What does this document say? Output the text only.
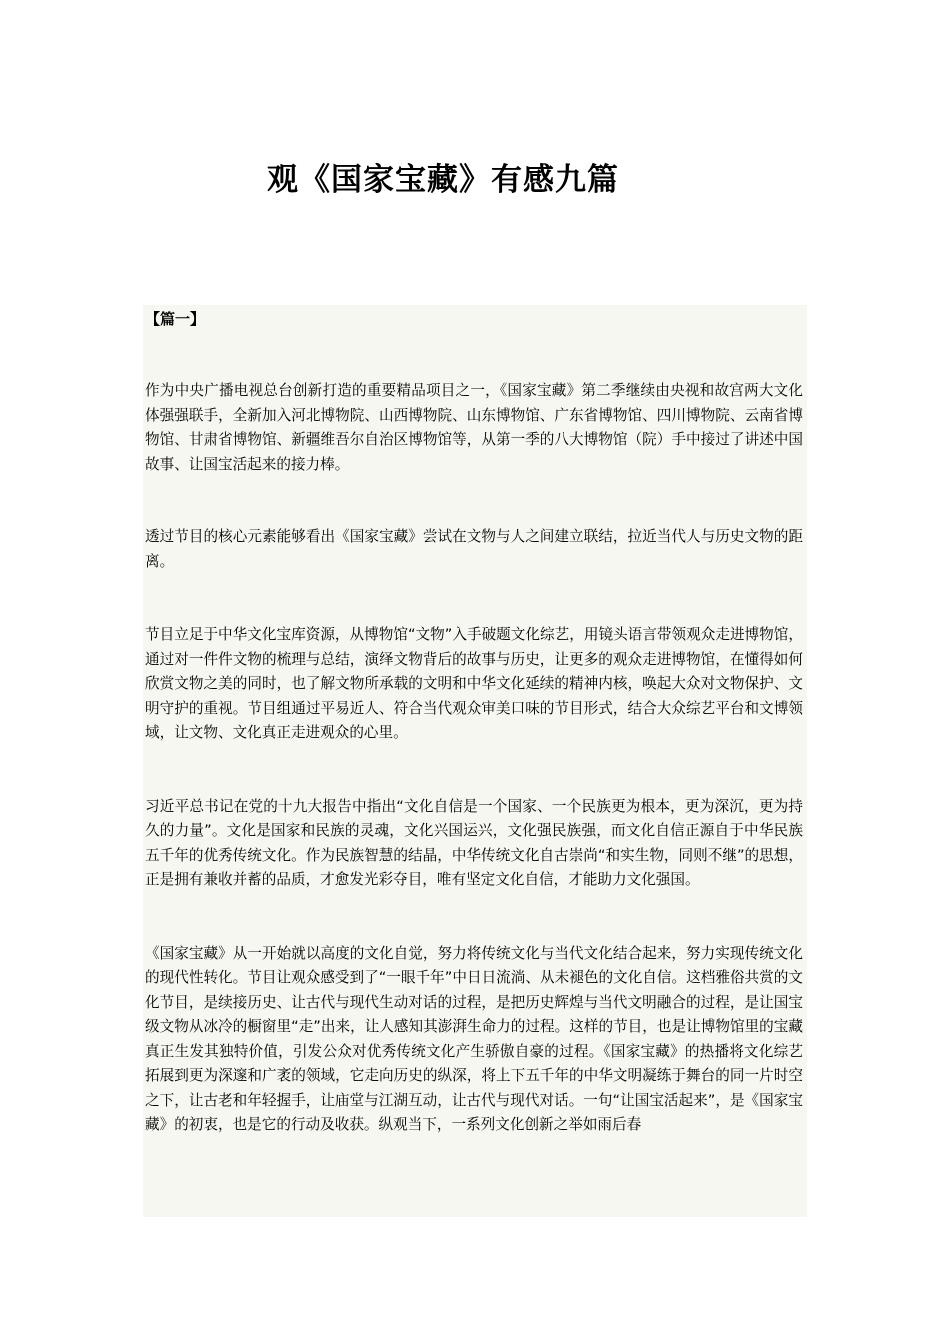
观《国家宝藏》有感九篇
【篇一】

作为中央广播电视总台创新打造的重要精品项目之一，《国家宝藏》第二季继续由央视和故宫两大文化体强强联手，全新加入河北博物院、山西博物院、山东博物馆、广东省博物馆、四川博物院、云南省博物馆、甘肃省博物馆、新疆维吾尔自治区博物馆等，从第一季的八大博物馆（院）手中接过了讲述中国故事、让国宝活起来的接力棒。

透过节目的核心元素能够看出《国家宝藏》尝试在文物与人之间建立联结，拉近当代人与历史文物的距离。

节目立足于中华文化宝库资源，从博物馆“文物”入手破题文化综艺，用镜头语言带领观众走进博物馆，通过对一件件文物的梳理与总结，演绎文物背后的故事与历史，让更多的观众走进博物馆，在懂得如何欣赏文物之美的同时，也了解文物所承载的文明和中华文化延续的精神内核，唤起大众对文物保护、文明守护的重视。节目组通过平易近人、符合当代观众审美口味的节目形式，结合大众综艺平台和文博领域，让文物、文化真正走进观众的心里。

习近平总书记在党的十九大报告中指出“文化自信是一个国家、一个民族更为根本，更为深沉，更为持久的力量”。文化是国家和民族的灵魂，文化兴国运兴，文化强民族强，而文化自信正源自于中华民族五千年的优秀传统文化。作为民族智慧的结晶，中华传统文化自古崇尚“和实生物，同则不继”的思想，正是拥有兼收并蓄的品质，才愈发光彩夺目，唯有坚定文化自信，才能助力文化强国。

《国家宝藏》从一开始就以高度的文化自觉，努力将传统文化与当代文化结合起来，努力实现传统文化的现代性转化。节目让观众感受到了“一眼千年”中日日流淌、从未褪色的文化自信。这档雅俗共赏的文化节目，是续接历史、让古代与现代生动对话的过程，是把历史辉煌与当代文明融合的过程，是让国宝级文物从冰冷的橱窗里“走”出来，让人感知其澎湃生命力的过程。这样的节目，也是让博物馆里的宝藏真正生发其独特价值，引发公众对优秀传统文化产生骄傲自豪的过程。《国家宝藏》的热播将文化综艺拓展到更为深邃和广袤的领域，它走向历史的纵深，将上下五千年的中华文明凝练于舞台的同一片时空之下，让古老和年轻握手，让庙堂与江湖互动，让古代与现代对话。一句“让国宝活起来”，是《国家宝藏》的初衷，也是它的行动及收获。纵观当下，一系列文化创新之举如雨后春
